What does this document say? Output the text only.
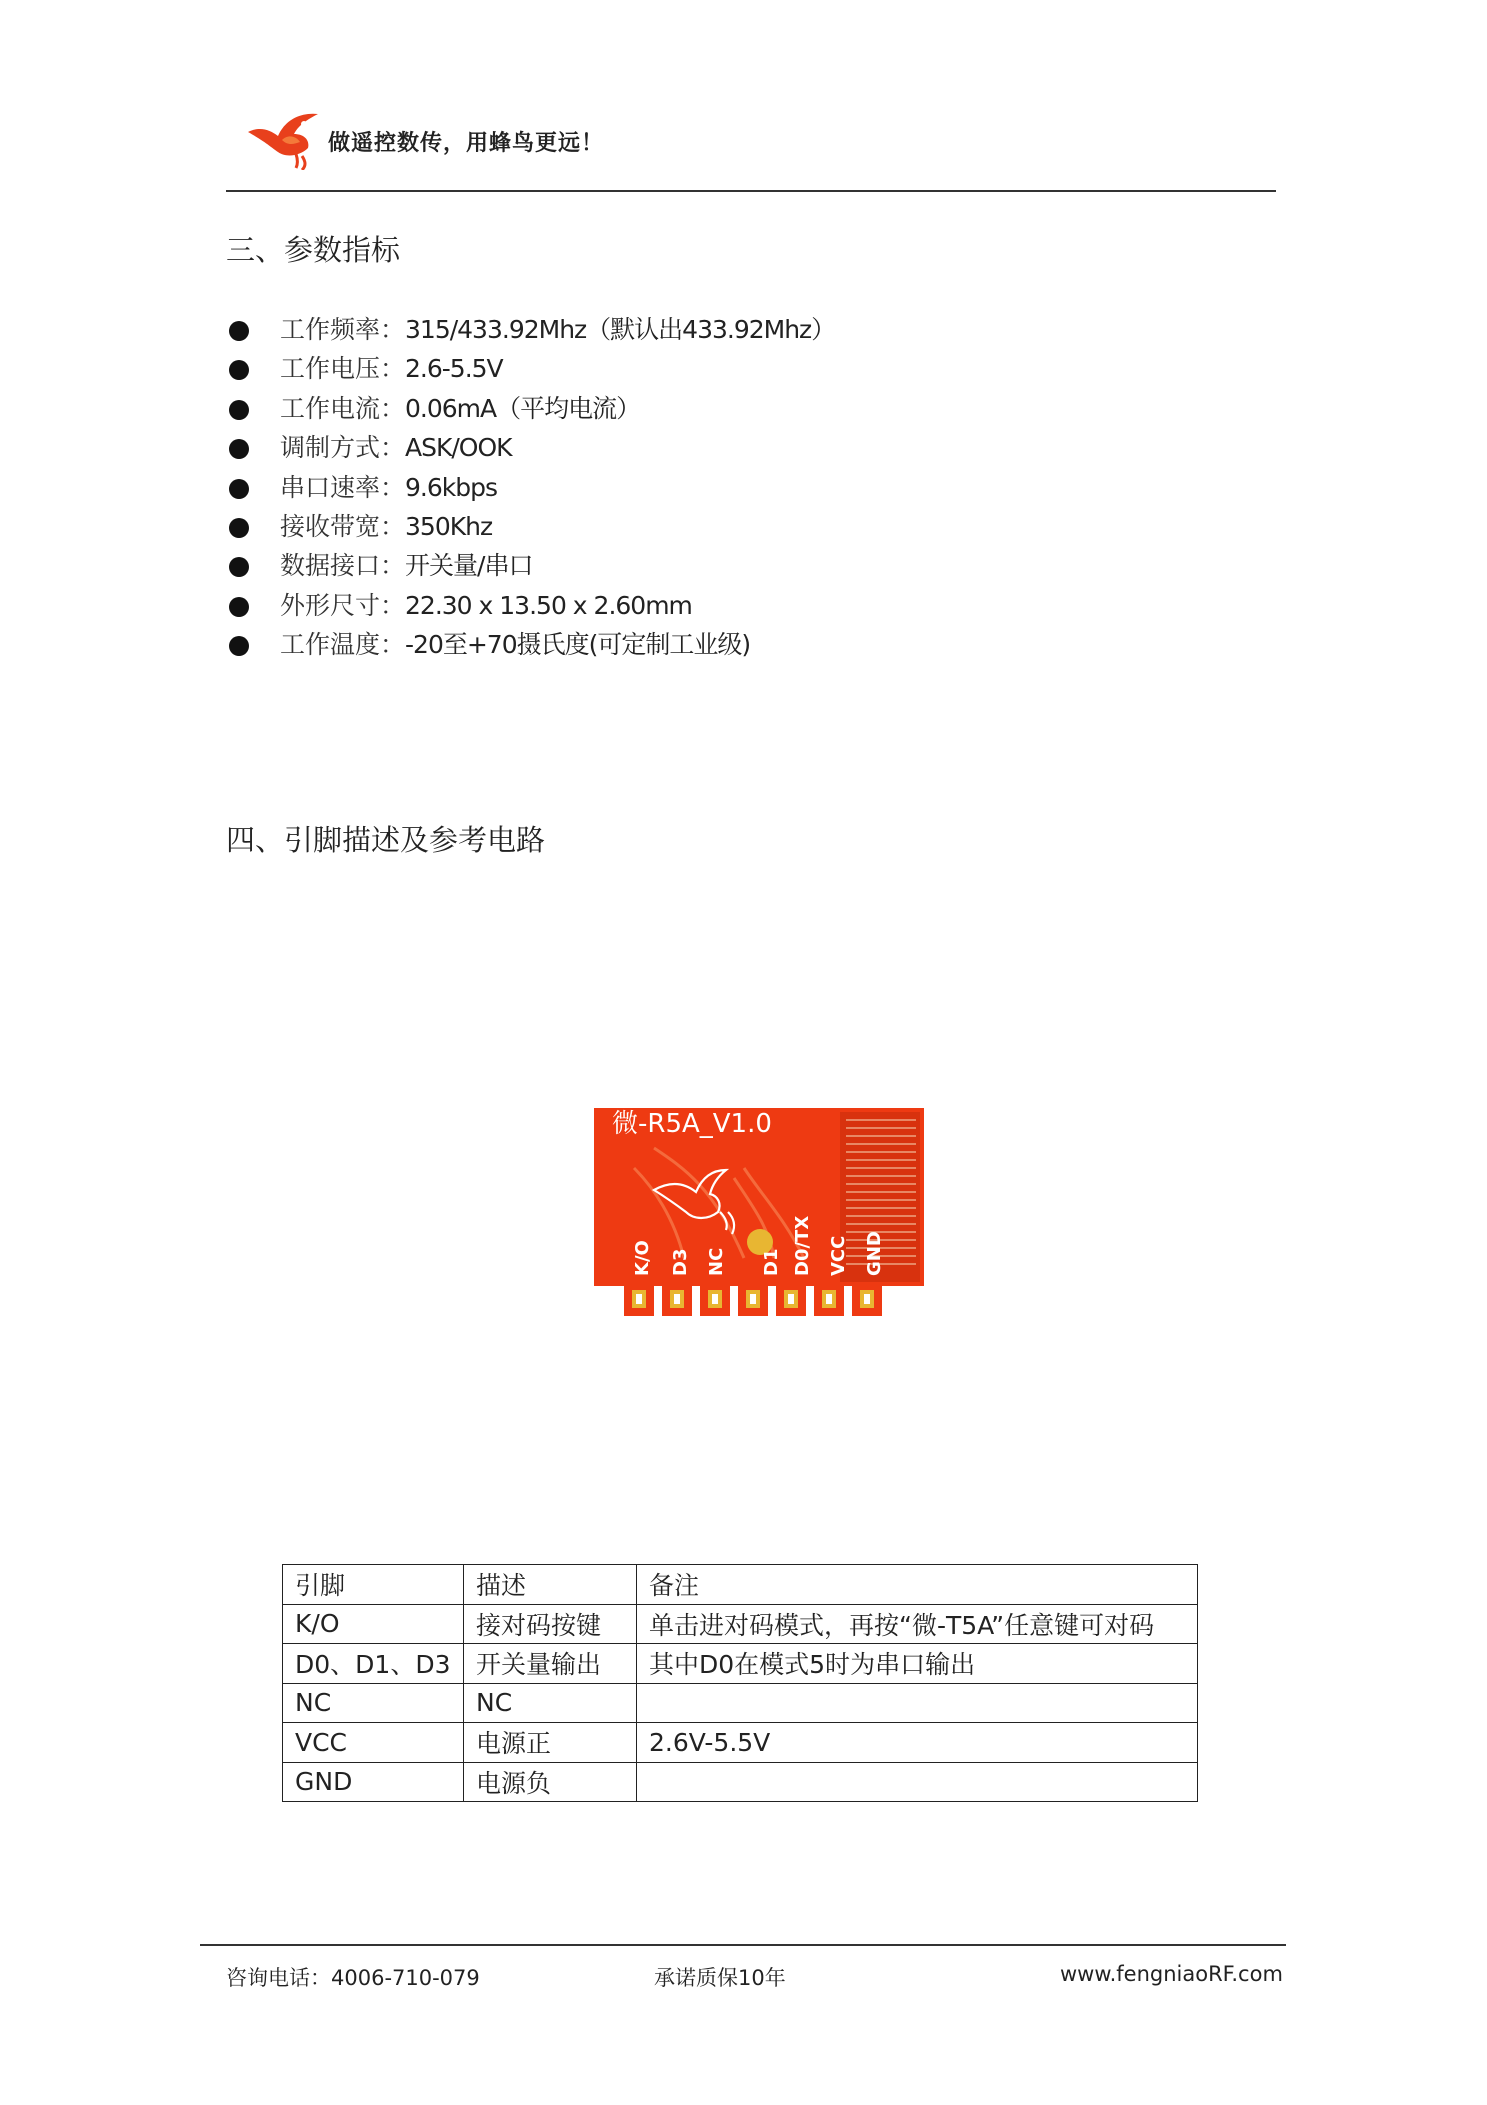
做遥控数传，用蜂鸟更远！
三、参数指标
工作频率：315/433.92Mhz（默认出433.92Mhz）
工作电压：2.6-5.5V
工作电流：0.06mA（平均电流）
调制方式：ASK/OOK
串口速率：9.6kbps
接收带宽：350Khz
数据接口：开关量/串口
外形尺寸：22.30 x 13.50 x 2.60mm
工作温度：-20至+70摄氏度(可定制工业级)
四、引脚描述及参考电路
微-R5A_V1.0
K/O D3 NC D1 D0/TX VCC GND
引脚	描述	备注
K/O	接对码按键	单击进对码模式，再按“微-T5A”任意键可对码
D0、D1、D3	开关量输出	其中D0在模式5时为串口输出
NC	NC	
VCC	电源正	2.6V-5.5V
GND	电源负	
咨询电话：4006-710-079	承诺质保10年	www.fengniaoRF.com
